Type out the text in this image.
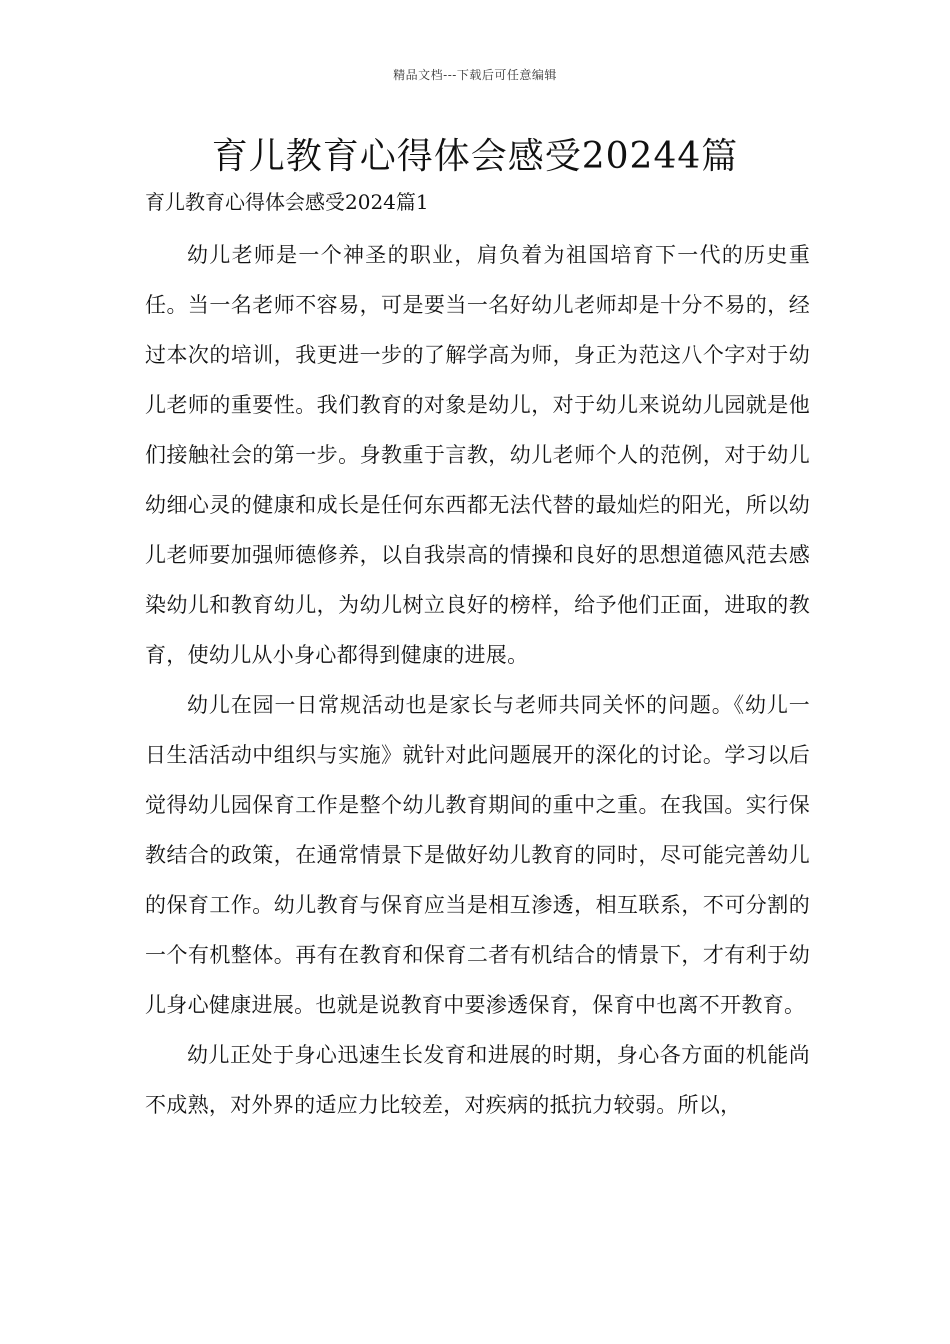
精品文档---下载后可任意编辑
育儿教育心得体会感受20244篇
育儿教育心得体会感受2024篇1

幼儿老师是一个神圣的职业，肩负着为祖国培育下一代的历史重任。当一名老师不容易，可是要当一名好幼儿老师却是十分不易的，经过本次的培训，我更进一步的了解学高为师，身正为范这八个字对于幼儿老师的重要性。我们教育的对象是幼儿，对于幼儿来说幼儿园就是他们接触社会的第一步。身教重于言教，幼儿老师个人的范例，对于幼儿幼细心灵的健康和成长是任何东西都无法代替的最灿烂的阳光，所以幼儿老师要加强师德修养，以自我崇高的情操和良好的思想道德风范去感染幼儿和教育幼儿，为幼儿树立良好的榜样，给予他们正面，进取的教育，使幼儿从小身心都得到健康的进展。

幼儿在园一日常规活动也是家长与老师共同关怀的问题。《幼儿一日生活活动中组织与实施》就针对此问题展开的深化的讨论。学习以后觉得幼儿园保育工作是整个幼儿教育期间的重中之重。在我国。实行保教结合的政策，在通常情景下是做好幼儿教育的同时，尽可能完善幼儿的保育工作。幼儿教育与保育应当是相互渗透，相互联系，不可分割的一个有机整体。再有在教育和保育二者有机结合的情景下，才有利于幼儿身心健康进展。也就是说教育中要渗透保育，保育中也离不开教育。

幼儿正处于身心迅速生长发育和进展的时期，身心各方面的机能尚不成熟，对外界的适应力比较差，对疾病的抵抗力较弱。所以，
